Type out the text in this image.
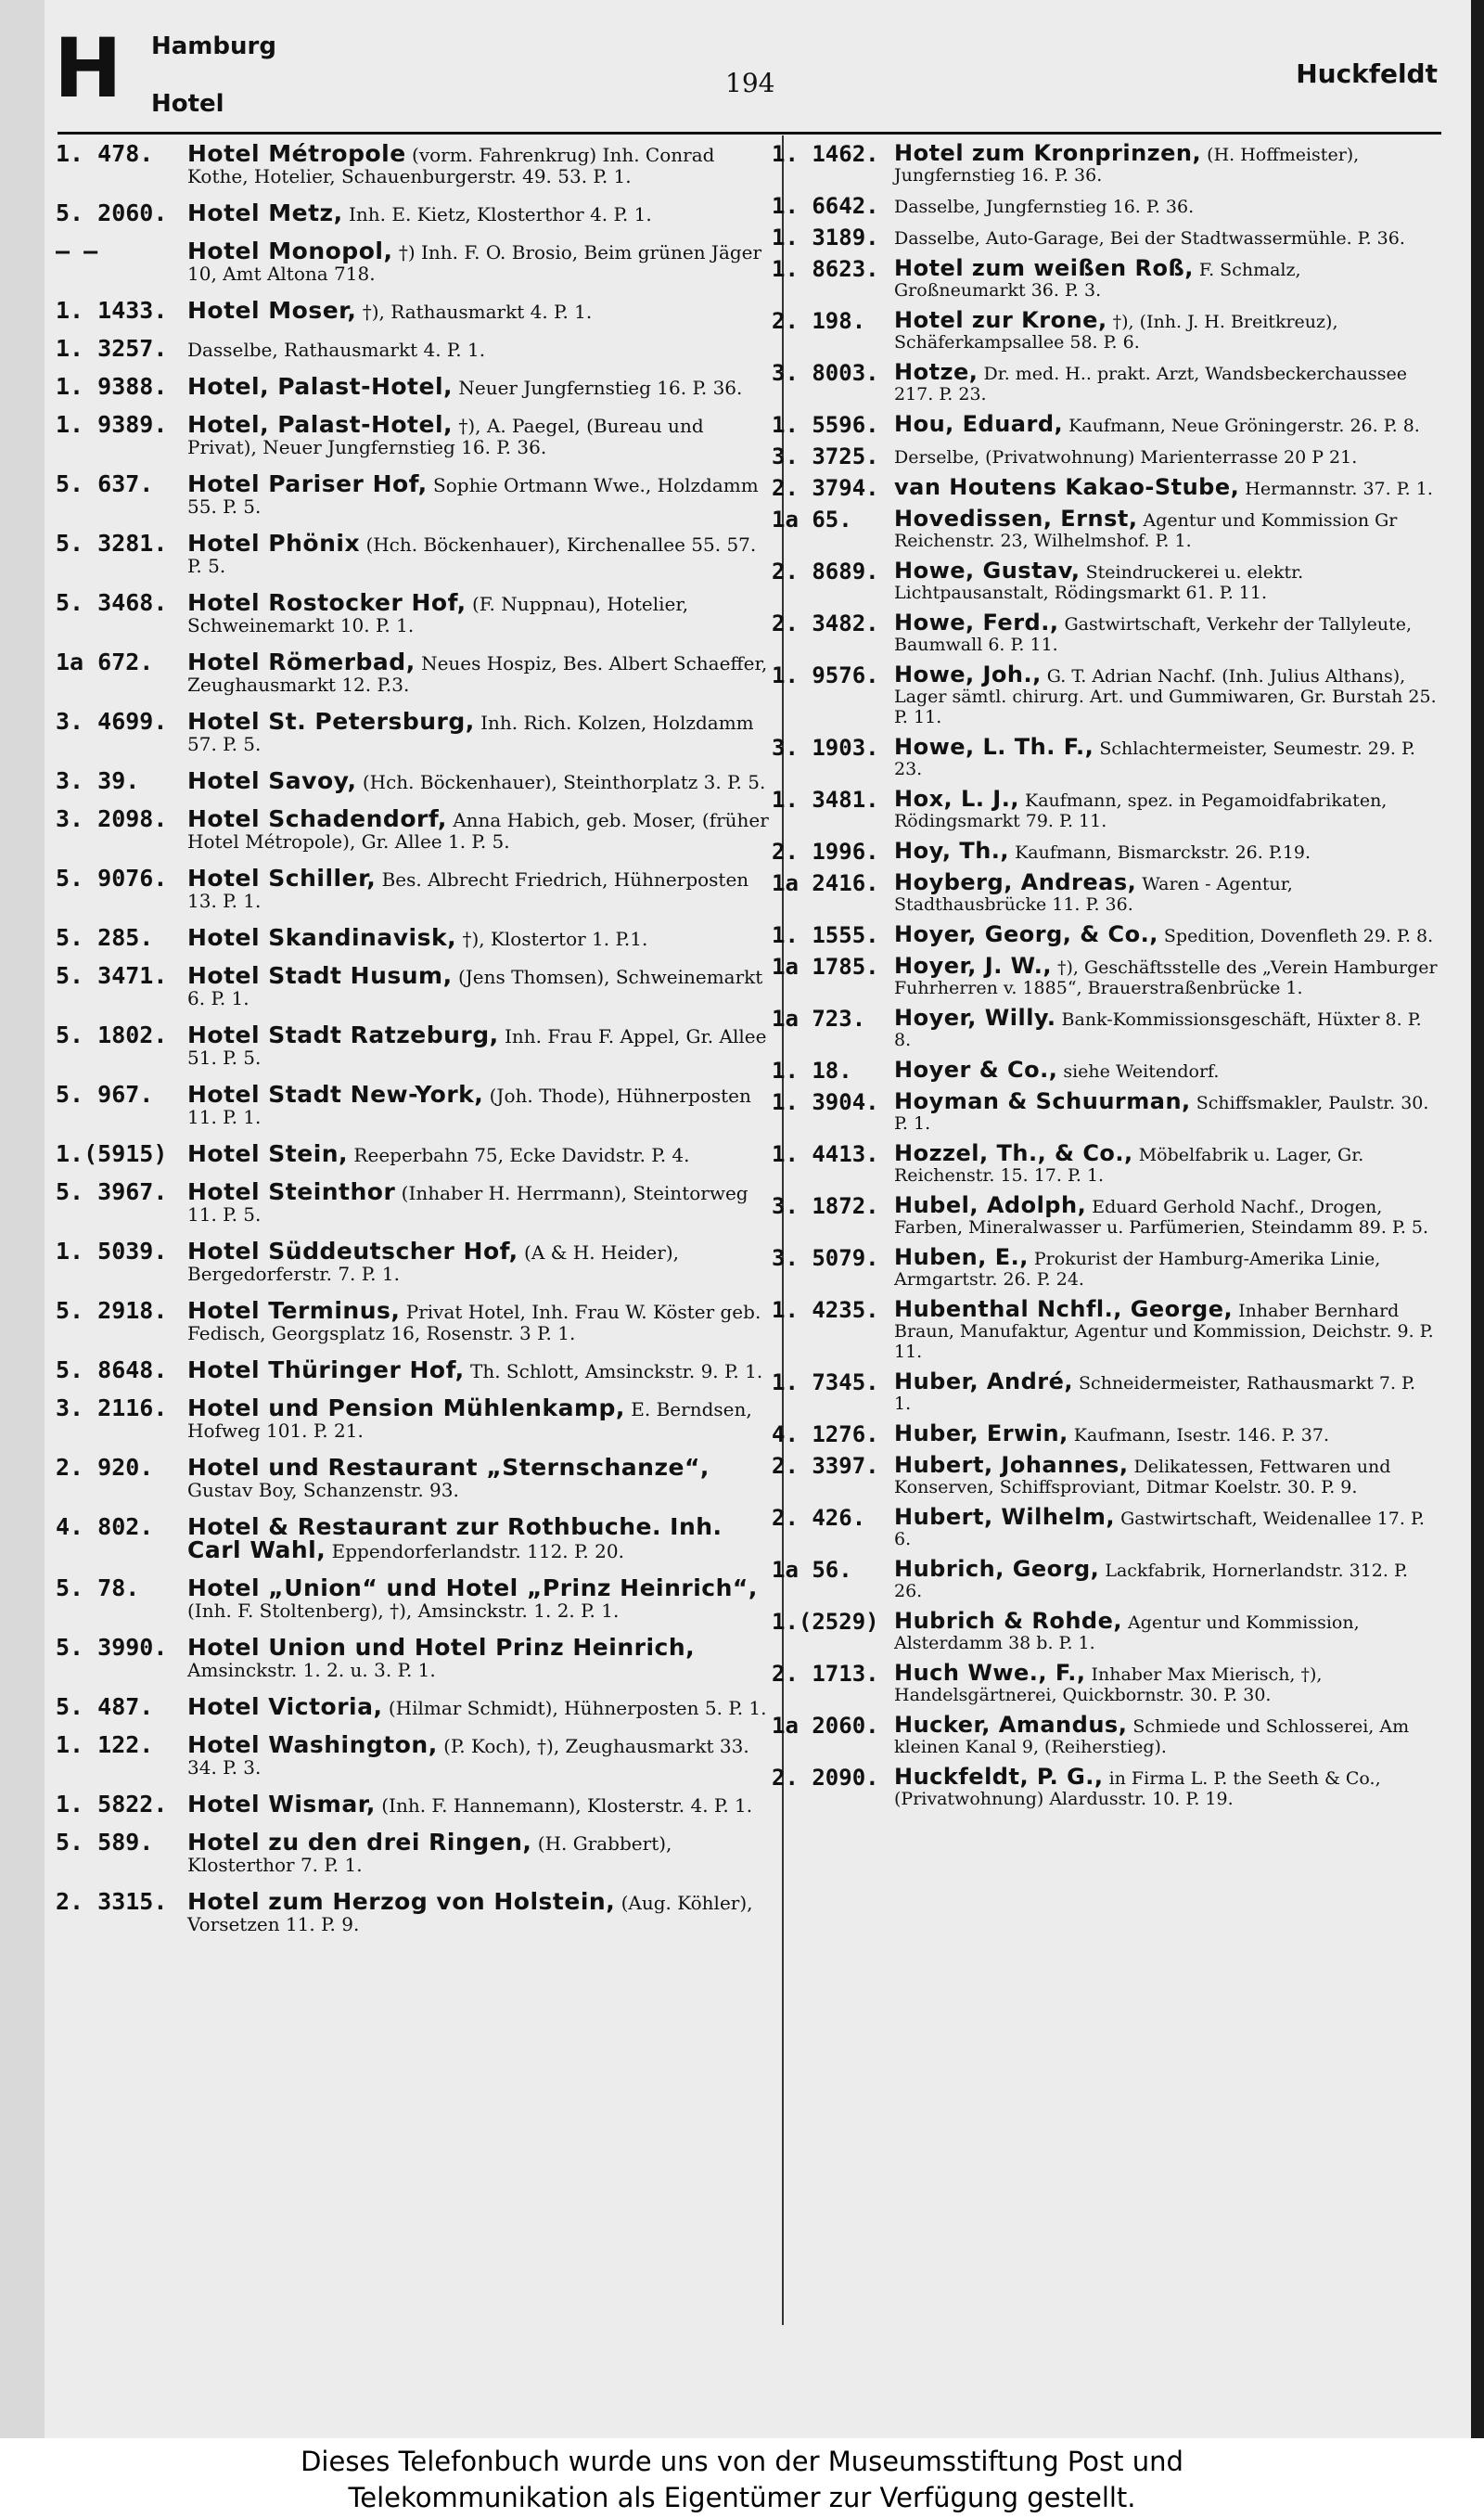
H Hamburg
Hotel
194	Huckfeldt
1. 478.	Hotel Métropole (vorm. Fahrenkrug) Inh. Conrad Kothe, Hotelier, Schauenburgerstr. 49. 53. P. 1.
5. 2060. Hotel Metz, Inh. E. Kietz, Klosterthor 4. P. 1.
— —	Hotel Monopol, †) Inh. F. O. Brosio, Beim grünen Jäger 10, Amt Altona 718.
1. 1433. Hotel Moser, †), Rathausmarkt 4. P. 1.
1. 3257.	Dasselbe, Rathausmarkt 4. P. 1.
1. 9388. Hotel, Palast-Hotel, Neuer Jungfernstieg 16. P. 36.
1. 9389. Hotel, Palast-Hotel, †), A. Paegel, (Bureau und Privat), Neuer Jungfernstieg 16. P. 36.
5. 637.	Hotel Pariser Hof, Sophie Ortmann Wwe., Holzdamm 55. P. 5.
5. 3281. Hotel Phönix (Hch. Böckenhauer), Kirchenallee 55. 57. P. 5.
5. 3468. Hotel Rostocker Hof, (F. Nuppnau), Hotelier, Schweinemarkt 10. P. 1.
1a 672.	Hotel Römerbad, Neues Hospiz, Bes. Albert Schaeffer, Zeughausmarkt 12. P.3.
3. 4699. Hotel St. Petersburg, Inh. Rich. Kolzen, Holzdamm 57. P. 5.
3. 39.	Hotel Savoy, (Hch. Böckenhauer), Steinthorplatz 3. P. 5.
3. 2098. Hotel Schadendorf, Anna Habich, geb. Moser, (früher Hotel Métropole), Gr. Allee 1. P. 5.
5. 9076. Hotel Schiller, Bes. Albrecht Friedrich, Hühnerposten 13. P. 1.
5. 285.	Hotel Skandinavisk, †), Klostertor 1. P.1.
5. 3471. Hotel Stadt Husum, (Jens Thomsen), Schweinemarkt 6. P. 1.
5. 1802. Hotel Stadt Ratzeburg, Inh. Frau F. Appel, Gr. Allee 51. P. 5.
5. 967.	Hotel Stadt New-York, (Joh. Thode), Hühnerposten 11. P. 1.
1.(5915) Hotel Stein, Reeperbahn 75, Ecke Davidstr. P. 4.
5. 3967. Hotel Steinthor (Inhaber H. Herrmann), Steintorweg 11. P. 5.
1. 5039. Hotel Süddeutscher Hof, (A & H. Heider), Bergedorferstr. 7. P. 1.
5. 2918. Hotel Terminus, Privat Hotel, Inh. Frau W. Köster geb. Fedisch, Georgsplatz 16, Rosenstr. 3 P. 1.
5. 8648. Hotel Thüringer Hof, Th. Schlott, Amsinckstr. 9. P. 1.
3. 2116. Hotel und Pension Mühlenkamp, E. Berndsen, Hofweg 101. P. 21.
2. 920.	Hotel und Restaurant „Sternschanze“, Gustav Boy, Schanzenstr. 93.
4. 802.	Hotel & Restaurant zur Rothbuche. Inh. Carl Wahl, Eppendorferlandstr. 112. P. 20.
5. 78.	Hotel „Union“ und Hotel „Prinz Heinrich“, (Inh. F. Stoltenberg), †), Amsinckstr. 1. 2. P. 1.
5. 3990. Hotel Union und Hotel Prinz Heinrich, Amsinckstr. 1. 2. u. 3. P. 1.
5. 487.	Hotel Victoria, (Hilmar Schmidt), Hühnerposten 5. P. 1.
1. 122.	Hotel Washington, (P. Koch), †), Zeughausmarkt 33. 34. P. 3.
1. 5822. Hotel Wismar, (Inh. F. Hannemann), Klosterstr. 4. P. 1.
5. 589.	Hotel zu den drei Ringen, (H. Grabbert), Klosterthor 7. P. 1.
2. 3315. Hotel zum Herzog von Holstein, (Aug. Köhler), Vorsetzen 11. P. 9.
1. 1462. Hotel zum Kronprinzen, (H. Hoffmeister), Jungfernstieg 16. P. 36.
1. 6642. Dasselbe, Jungfernstieg 16. P. 36.
1. 3189. Dasselbe, Auto-Garage, Bei der Stadtwassermühle. P. 36.
1. 8623. Hotel zum weißen Roß, F. Schmalz, Großneumarkt 36. P. 3.
2. 198.	Hotel zur Krone, †), (Inh. J. H. Breitkreuz), Schäferkampsallee 58. P. 6.
3. 8003. Hotze, Dr. med. H.. prakt. Arzt, Wandsbeckerchaussee 217. P. 23.
1. 5596. Hou, Eduard, Kaufmann, Neue Gröningerstr. 26. P. 8.
3. 3725. Derselbe, (Privatwohnung) Marienterrasse 20 P 21.
2. 3794. van Houtens Kakao-Stube, Hermannstr. 37. P. 1.
1a 65.	Hovedissen, Ernst, Agentur und Kommission Gr Reichenstr. 23, Wilhelmshof. P. 1.
2. 8689. Howe, Gustav, Steindruckerei u. elektr. Lichtpausanstalt, Rödingsmarkt 61. P. 11.
2. 3482. Howe, Ferd., Gastwirtschaft, Verkehr der Tallyleute, Baumwall 6. P. 11.
1. 9576. Howe, Joh., G. T. Adrian Nachf. (Inh. Julius Althans), Lager sämtl. chirurg. Art. und Gummiwaren, Gr. Burstah 25. P. 11.
3. 1903. Howe, L. Th. F., Schlachtermeister, Seumestr. 29. P. 23.
1. 3481. Hox, L. J., Kaufmann, spez. in Pegamoidfabrikaten, Rödingsmarkt 79. P. 11.
2. 1996. Hoy, Th., Kaufmann, Bismarckstr. 26. P.19.
1a 2416. Hoyberg, Andreas, Waren - Agentur, Stadthausbrücke 11. P. 36.
1. 1555. Hoyer, Georg, & Co., Spedition, Dovenfleth 29. P. 8.
1a 1785. Hoyer, J. W., †), Geschäftsstelle des „Verein Hamburger Fuhrherren v. 1885“, Brauerstraßenbrücke 1.
1a 723.	Hoyer, Willy. Bank-Kommissionsgeschäft, Hüxter 8. P. 8.
1. 18.	Hoyer & Co., siehe Weitendorf.
1. 3904. Hoyman & Schuurman, Schiffsmakler, Paulstr. 30. P. 1.
1. 4413. Hozzel, Th., & Co., Möbelfabrik u. Lager, Gr. Reichenstr. 15. 17. P. 1.
3. 1872. Hubel, Adolph, Eduard Gerhold Nachf., Drogen, Farben, Mineralwasser u. Parfümerien, Steindamm 89. P. 5.
3. 5079. Huben, E., Prokurist der Hamburg-Amerika Linie, Armgartstr. 26. P. 24.
1. 4235. Hubenthal Nchfl., George, Inhaber Bernhard Braun, Manufaktur, Agentur und Kommission, Deichstr. 9. P. 11.
1. 7345. Huber, André, Schneidermeister, Rathausmarkt 7. P. 1.
4. 1276. Huber, Erwin, Kaufmann, Isestr. 146. P. 37.
2. 3397. Hubert, Johannes, Delikatessen, Fettwaren und Konserven, Schiffsproviant, Ditmar Koelstr. 30. P. 9.
2. 426.	Hubert, Wilhelm, Gastwirtschaft, Weidenallee 17. P. 6.
1a 56.	Hubrich, Georg, Lackfabrik, Hornerlandstr. 312. P. 26.
1.(2529) Hubrich & Rohde, Agentur und Kommission, Alsterdamm 38 b. P. 1.
2. 1713. Huch Wwe., F., Inhaber Max Mierisch, †), Handelsgärtnerei, Quickbornstr. 30. P. 30.
1a 2060. Hucker, Amandus, Schmiede und Schlosserei, Am kleinen Kanal 9, (Reiherstieg).
2. 2090. Huckfeldt, P. G., in Firma L. P. the Seeth & Co., (Privatwohnung) Alardusstr. 10. P. 19.
Dieses Telefonbuch wurde uns von der Museumsstiftung Post und
Telekommunikation als Eigentümer zur Verfügung gestellt.
